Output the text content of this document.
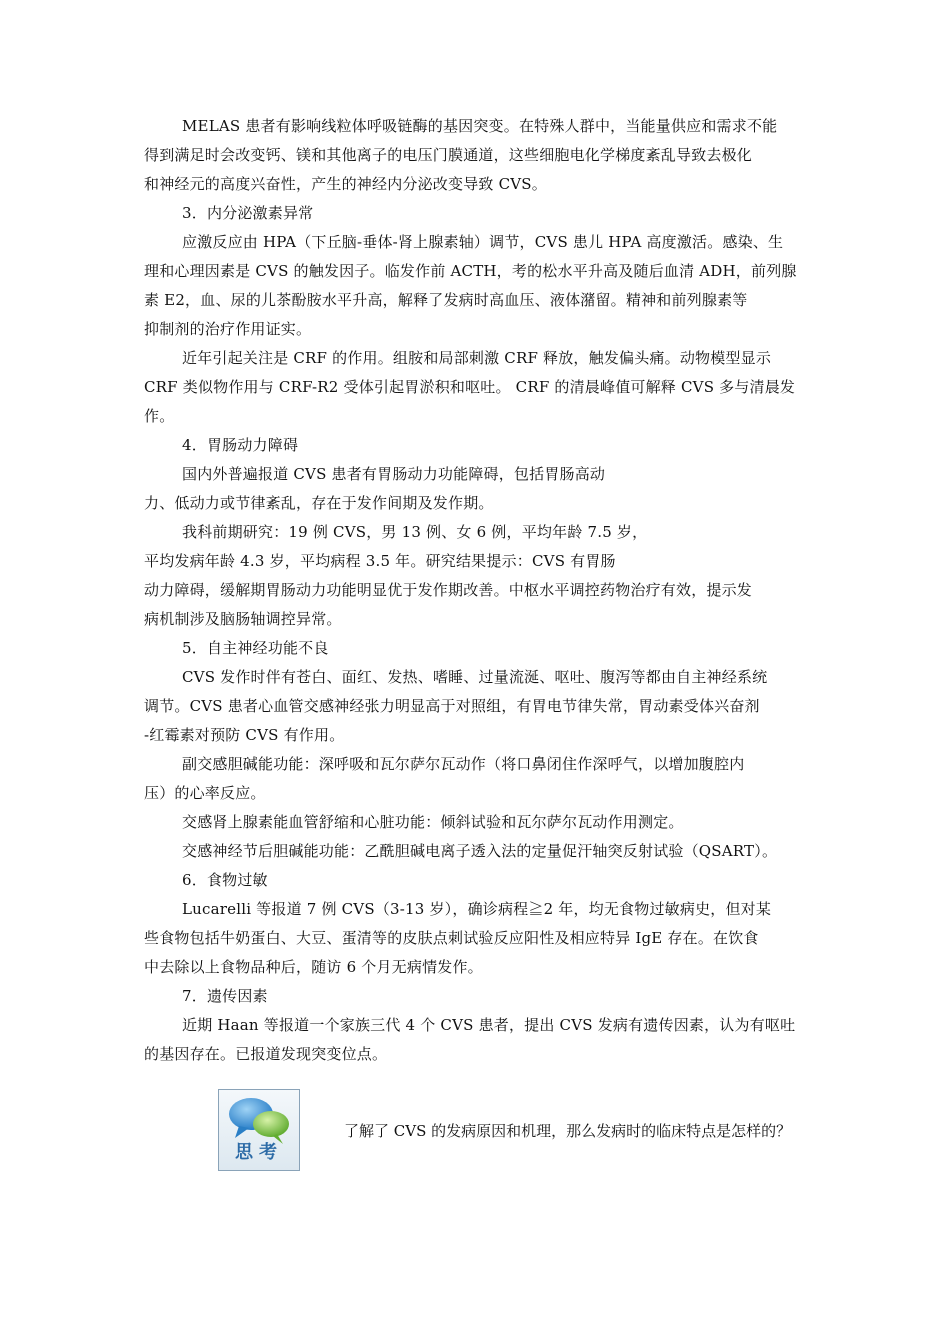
MELAS 患者有影响线粒体呼吸链酶的基因突变。在特殊人群中，当能量供应和需求不能
得到满足时会改变钙、镁和其他离子的电压门膜通道，这些细胞电化学梯度紊乱导致去极化
和神经元的高度兴奋性，产生的神经内分泌改变导致 CVS。
3．内分泌激素异常
应激反应由 HPA（下丘脑-垂体-肾上腺素轴）调节，CVS 患儿 HPA 高度激活。感染、生
理和心理因素是 CVS 的触发因子。临发作前 ACTH，考的松水平升高及随后血清 ADH，前列腺
素 E2，血、尿的儿茶酚胺水平升高，解释了发病时高血压、液体潴留。精神和前列腺素等
抑制剂的治疗作用证实。
近年引起关注是 CRF 的作用。组胺和局部刺激 CRF 释放，触发偏头痛。动物模型显示
CRF 类似物作用与 CRF-R2 受体引起胃淤积和呕吐。 CRF 的清晨峰值可解释 CVS 多与清晨发
作。
4．胃肠动力障碍
国内外普遍报道 CVS 患者有胃肠动力功能障碍，包括胃肠高动
力、低动力或节律紊乱，存在于发作间期及发作期。
我科前期研究：19 例 CVS，男 13 例、女 6 例，平均年龄 7.5 岁，
平均发病年龄 4.3 岁，平均病程 3.5 年。研究结果提示：CVS 有胃肠
动力障碍，缓解期胃肠动力功能明显优于发作期改善。中枢水平调控药物治疗有效，提示发
病机制涉及脑肠轴调控异常。
5．自主神经功能不良
CVS 发作时伴有苍白、面红、发热、嗜睡、过量流涎、呕吐、腹泻等都由自主神经系统
调节。CVS 患者心血管交感神经张力明显高于对照组，有胃电节律失常，胃动素受体兴奋剂
-红霉素对预防 CVS 有作用。
副交感胆碱能功能：深呼吸和瓦尔萨尔瓦动作（将口鼻闭住作深呼气，以增加腹腔内
压）的心率反应。
交感肾上腺素能血管舒缩和心脏功能：倾斜试验和瓦尔萨尔瓦动作用测定。
交感神经节后胆碱能功能：乙酰胆碱电离子透入法的定量促汗轴突反射试验（QSART）。
6．食物过敏
Lucarelli 等报道 7 例 CVS（3-13 岁），确诊病程≧2 年，均无食物过敏病史，但对某
些食物包括牛奶蛋白、大豆、蛋清等的皮肤点刺试验反应阳性及相应特异 IgE 存在。在饮食
中去除以上食物品种后，随访 6 个月无病情发作。
7．遗传因素
近期 Haan 等报道一个家族三代 4 个 CVS 患者，提出 CVS 发病有遗传因素，认为有呕吐
的基因存在。已报道发现突变位点。
思考
了解了 CVS 的发病原因和机理，那么发病时的临床特点是怎样的？
